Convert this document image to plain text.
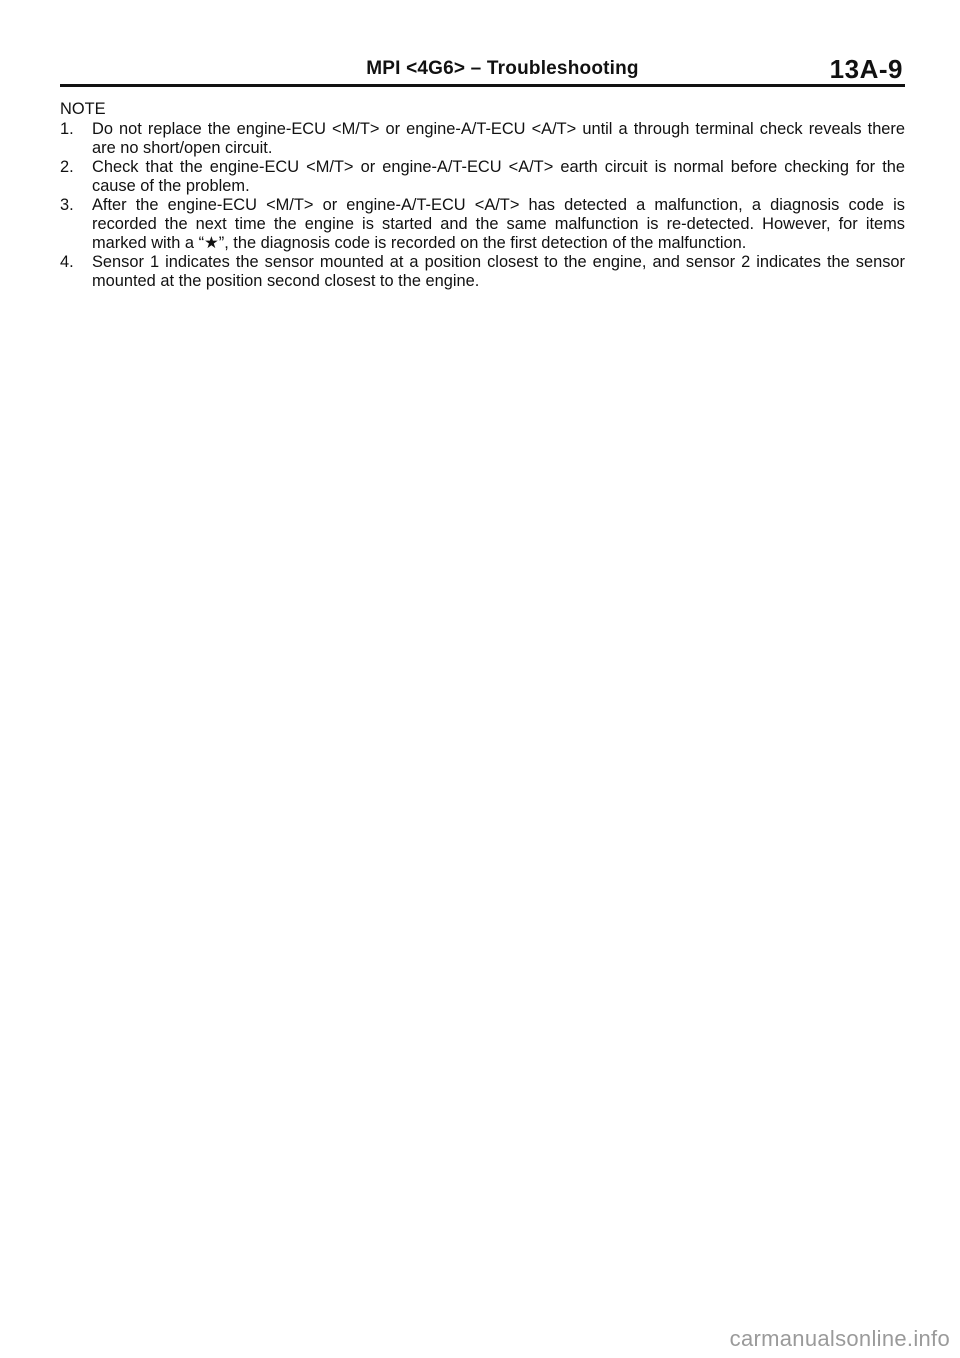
MPI <4G6> – Troubleshooting	13A-9
NOTE
1. Do not replace the engine-ECU <M/T> or engine-A/T-ECU <A/T> until a through terminal check reveals there are no short/open circuit.
2. Check that the engine-ECU <M/T> or engine-A/T-ECU <A/T> earth circuit is normal before checking for the cause of the problem.
3. After the engine-ECU <M/T> or engine-A/T-ECU <A/T> has detected a malfunction, a diagnosis code is recorded the next time the engine is started and the same malfunction is re-detected. However, for items marked with a “★”, the diagnosis code is recorded on the first detection of the malfunction.
4. Sensor 1 indicates the sensor mounted at a position closest to the engine, and sensor 2 indicates the sensor mounted at the position second closest to the engine.
carmanualsonline.info
